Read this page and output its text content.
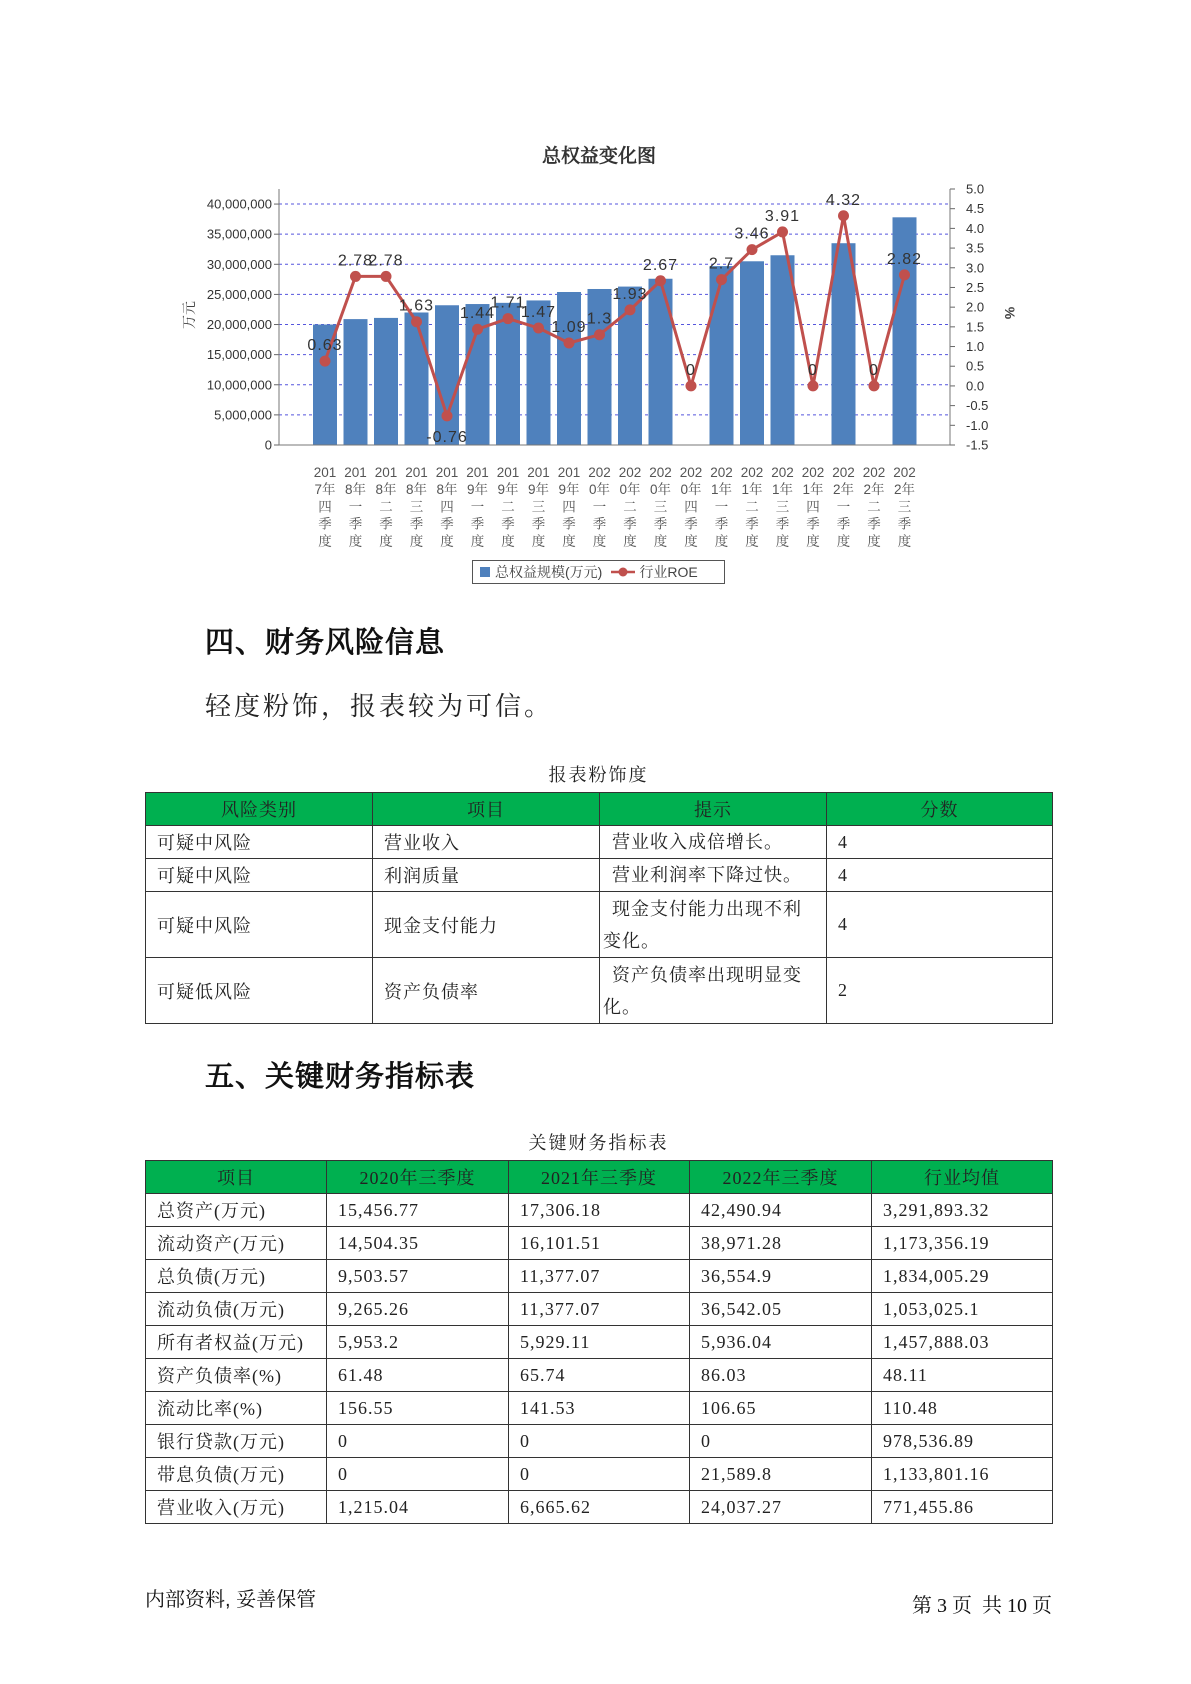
总权益变化图
0
5,000,000
10,000,000
15,000,000
20,000,000
25,000,000
30,000,000
35,000,000
40,000,000
-1.5
-1.0
-0.5
0.0
0.5
1.0
1.5
2.0
2.5
3.0
3.5
4.0
4.5
5.0
201 7年四季度
201 8年一季度
201 8年二季度
201 8年三季度
201 8年四季度
201 9年一季度
201 9年二季度
201 9年三季度
201 9年四季度
202 0年一季度
202 0年二季度
202 0年三季度
202 0年四季度
202 1年一季度
202 1年二季度
202 1年三季度
202 1年四季度
202 2年一季度
202 2年二季度
202 2年三季度
0.63
2.78
2.78
1.63
-0.76
1.44
1.71
1.47
1.09 1.3
1.93
2.67
0
2.7
3.46
3.91
0
4.32
0
2.82
万元	%
总权益规模(万元)	行业ROE
四、财务风险信息
轻度粉饰，报表较为可信。
报表粉饰度
风险类别	项目	提示	分数
可疑中风险	营业收入	营业收入成倍增长。	4
可疑中风险	利润质量	营业利润率下降过快。	4
可疑中风险	现金支付能力	现金支付能力出现不利变化。	4
可疑低风险	资产负债率	资产负债率出现明显变化。	2
五、关键财务指标表
关键财务指标表
项目	2020年三季度	2021年三季度	2022年三季度	行业均值
总资产(万元)	15,456.77	17,306.18	42,490.94	3,291,893.32
流动资产(万元)	14,504.35	16,101.51	38,971.28	1,173,356.19
总负债(万元)	9,503.57	11,377.07	36,554.9	1,834,005.29
流动负债(万元)	9,265.26	11,377.07	36,542.05	1,053,025.1
所有者权益(万元)	5,953.2	5,929.11	5,936.04	1,457,888.03
资产负债率(%)	61.48	65.74	86.03	48.11
流动比率(%)	156.55	141.53	106.65	110.48
银行贷款(万元)	0	0	0	978,536.89
带息负债(万元)	0	0	21,589.8	1,133,801.16
营业收入(万元)	1,215.04	6,665.62	24,037.27	771,455.86
内部资料, 妥善保管	第 3 页  共 10 页
